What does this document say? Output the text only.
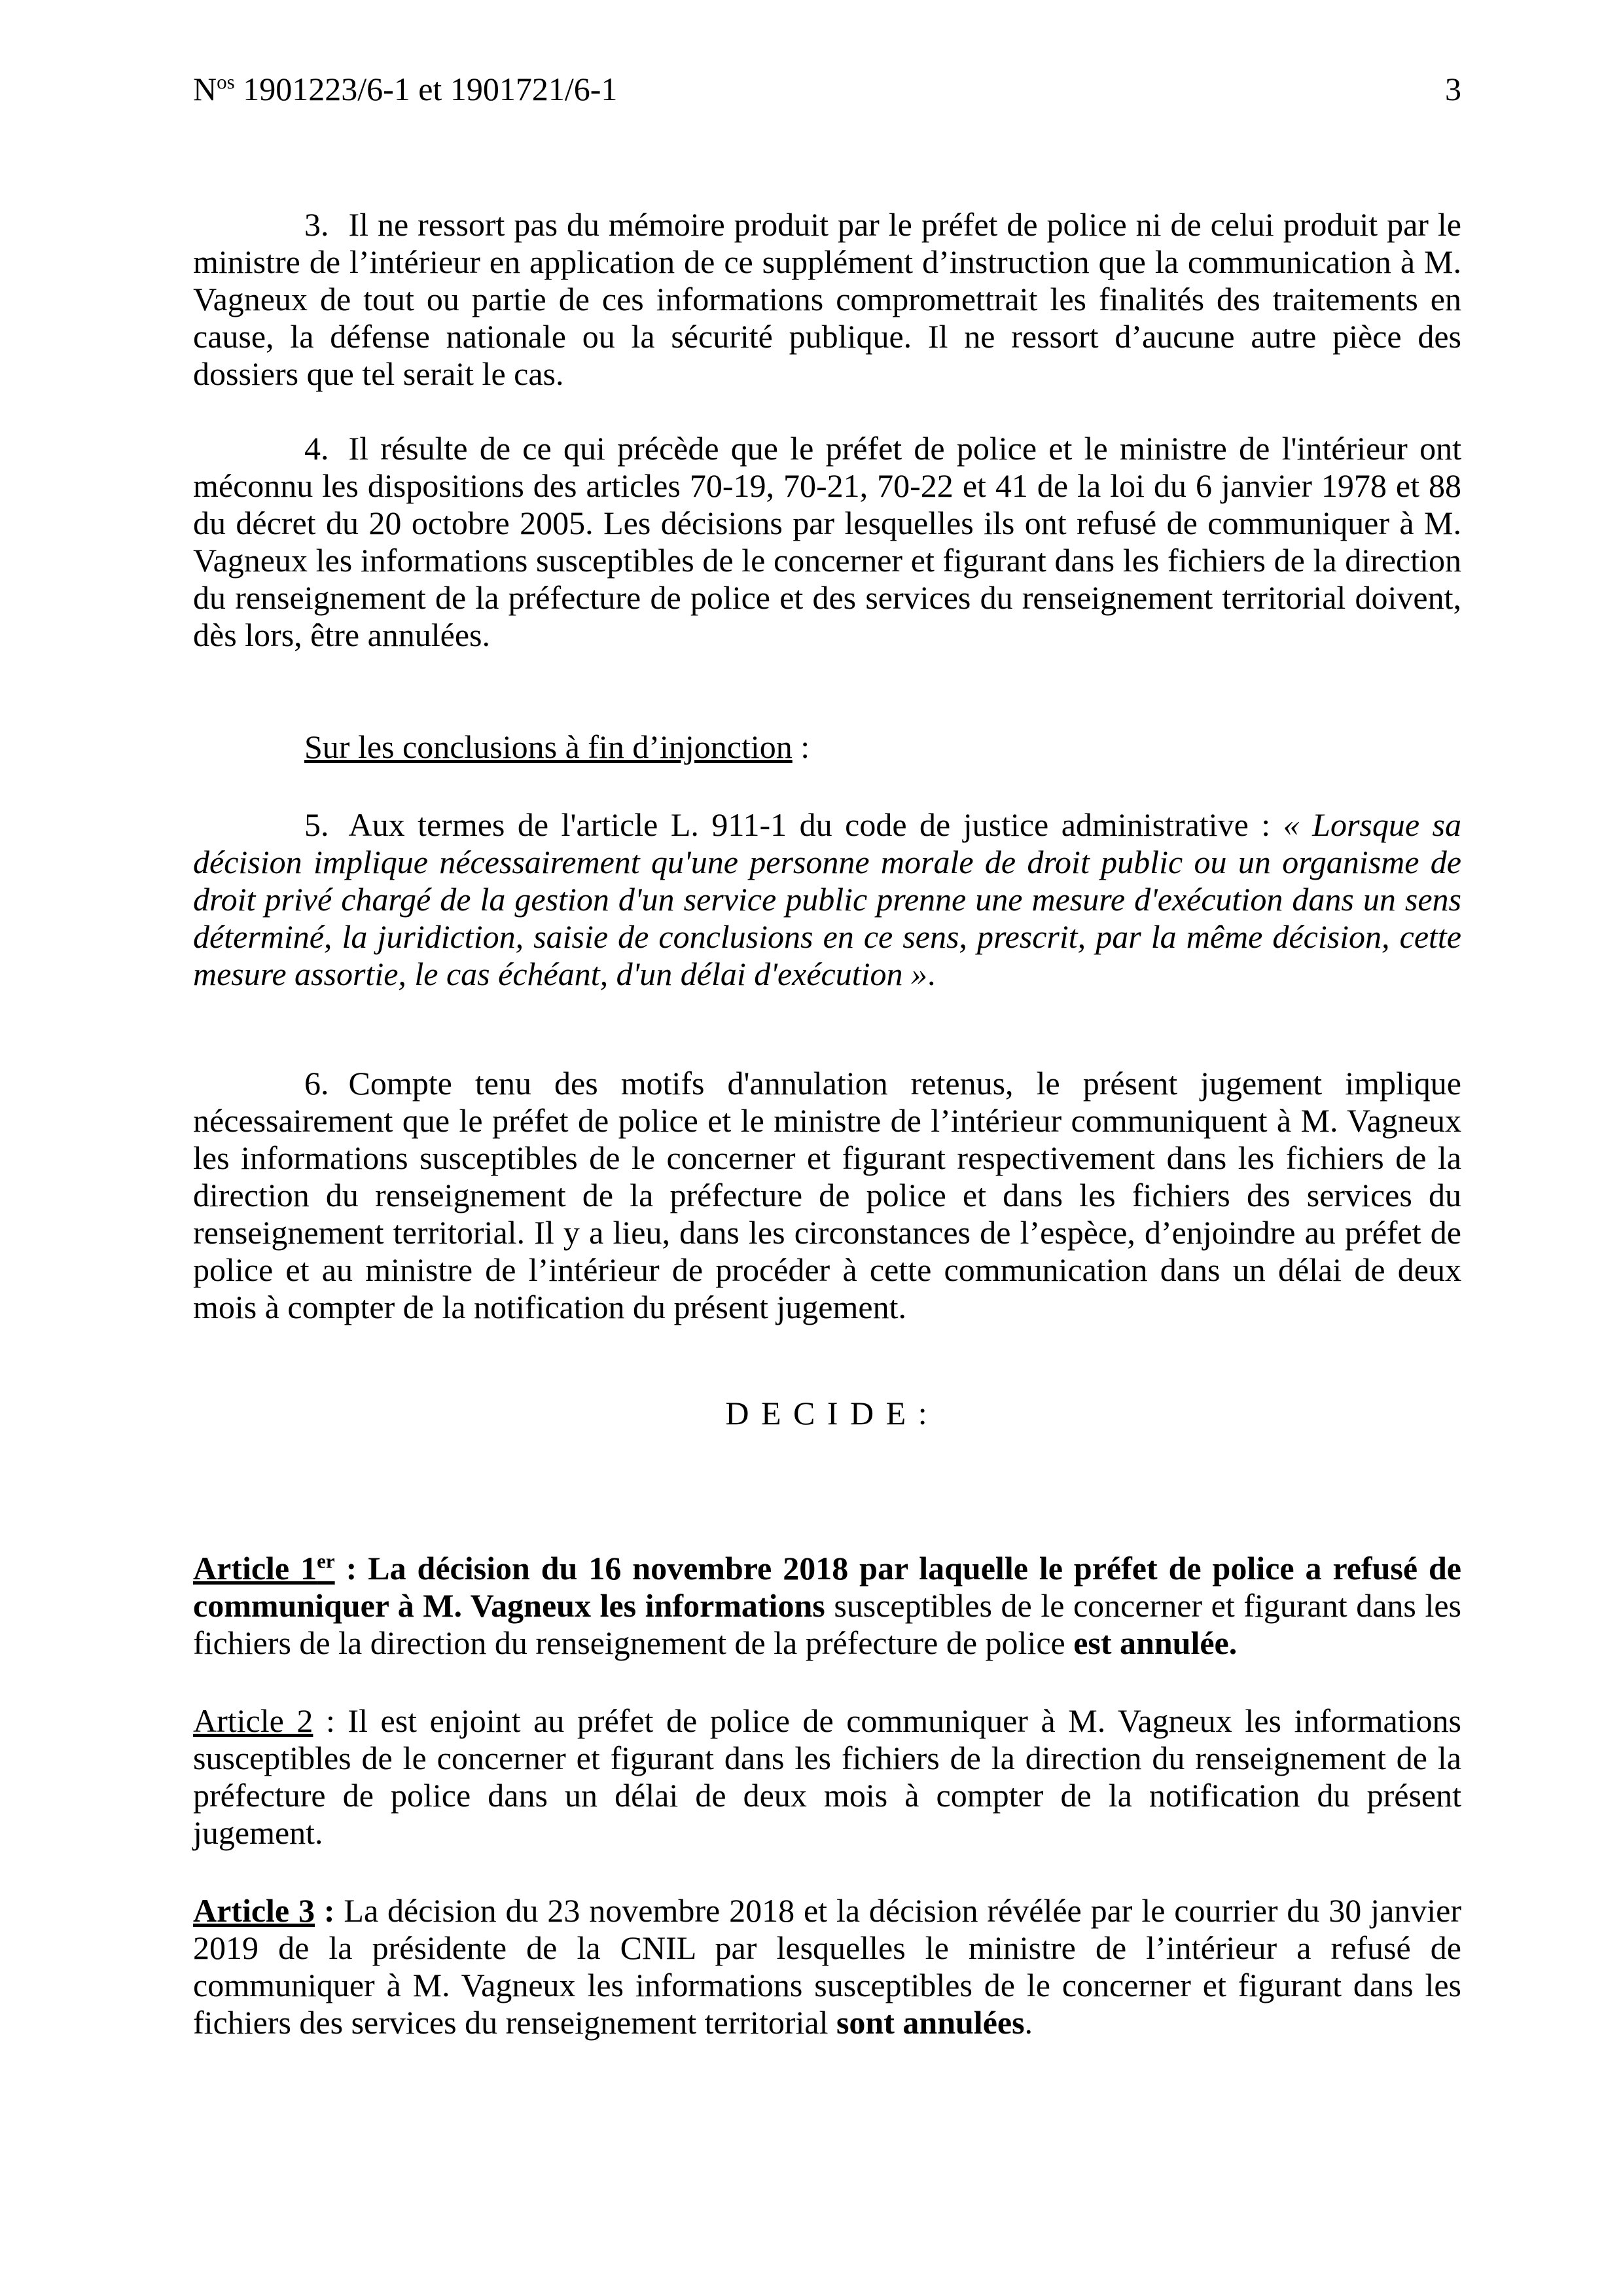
$N^{os}$ 1901223/6-1 et 1901721/6-1	3

3. Il ne ressort pas du mémoire produit par le préfet de police ni de celui produit par le ministre de l’intérieur en application de ce supplément d’instruction que la communication à M. Vagneux de tout ou partie de ces informations compromettrait les finalités des traitements en cause, la défense nationale ou la sécurité publique. Il ne ressort d’aucune autre pièce des dossiers que tel serait le cas.

4. Il résulte de ce qui précède que le préfet de police et le ministre de l'intérieur ont méconnu les dispositions des articles 70-19, 70-21, 70-22 et 41 de la loi du 6 janvier 1978 et 88 du décret du 20 octobre 2005. Les décisions par lesquelles ils ont refusé de communiquer à M. Vagneux les informations susceptibles de le concerner et figurant dans les fichiers de la direction du renseignement de la préfecture de police et des services du renseignement territorial doivent, dès lors, être annulées.

Sur les conclusions à fin d’injonction :

5. Aux termes de l'article L. 911-1 du code de justice administrative : « Lorsque sa décision implique nécessairement qu'une personne morale de droit public ou un organisme de droit privé chargé de la gestion d'un service public prenne une mesure d'exécution dans un sens déterminé, la juridiction, saisie de conclusions en ce sens, prescrit, par la même décision, cette mesure assortie, le cas échéant, d'un délai d'exécution ».

6. Compte tenu des motifs d'annulation retenus, le présent jugement implique nécessairement que le préfet de police et le ministre de l’intérieur communiquent à M. Vagneux les informations susceptibles de le concerner et figurant respectivement dans les fichiers de la direction du renseignement de la préfecture de police et dans les fichiers des services du renseignement territorial. Il y a lieu, dans les circonstances de l’espèce, d’enjoindre au préfet de police et au ministre de l’intérieur de procéder à cette communication dans un délai de deux mois à compter de la notification du présent jugement.

D E C I D E :

Article 1er : La décision du 16 novembre 2018 par laquelle le préfet de police a refusé de communiquer à M. Vagneux les informations susceptibles de le concerner et figurant dans les fichiers de la direction du renseignement de la préfecture de police est annulée.

Article 2 : Il est enjoint au préfet de police de communiquer à M. Vagneux les informations susceptibles de le concerner et figurant dans les fichiers de la direction du renseignement de la préfecture de police dans un délai de deux mois à compter de la notification du présent jugement.

Article 3 : La décision du 23 novembre 2018 et la décision révélée par le courrier du 30 janvier 2019 de la présidente de la CNIL par lesquelles le ministre de l’intérieur a refusé de communiquer à M. Vagneux les informations susceptibles de le concerner et figurant dans les fichiers des services du renseignement territorial sont annulées.
